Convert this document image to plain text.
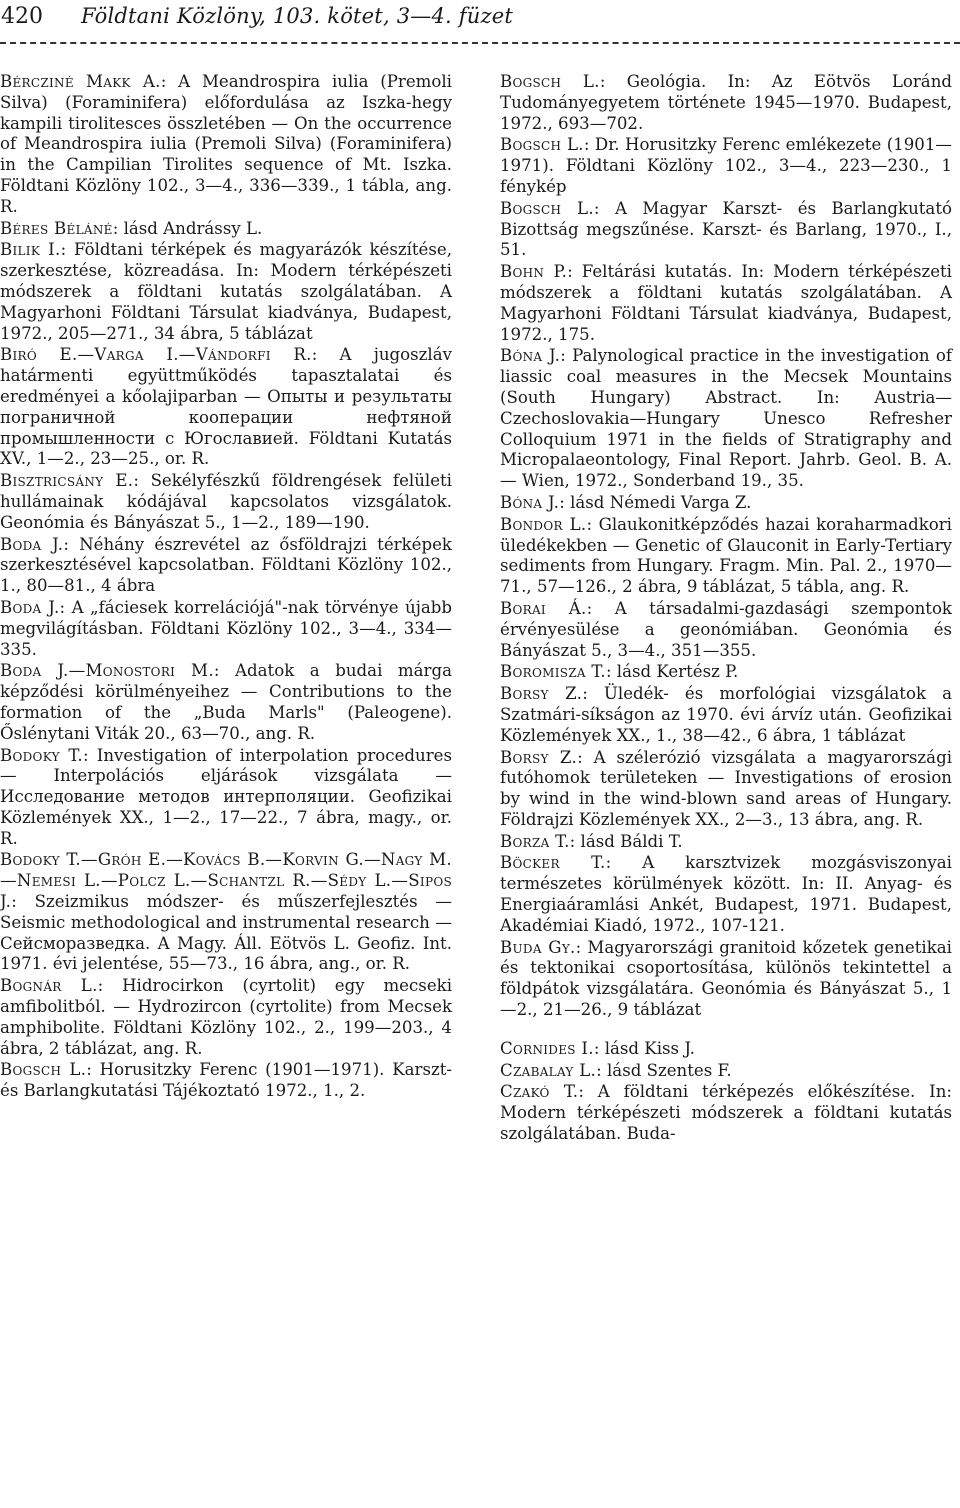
420 Földtani Közlöny, 103. kötet, 3—4. füzet
Bércziné Makk A.: A Meandrospira iulia (Premoli Silva) (Foraminifera) előfordulása az Iszka-hegy kampili tirolitesces összletében — On the occurrence of Meandrospira iulia (Premoli Silva) (Foraminifera) in the Campilian Tirolites sequence of Mt. Iszka. Földtani Közlöny 102., 3—4., 336—339., 1 tábla, ang. R.
Béres Béláné: lásd Andrássy L.
Bilik I.: Földtani térképek és magyarázók készítése, szerkesztése, közreadása. In: Modern térképészeti módszerek a földtani kutatás szolgálatában. A Magyarhoni Földtani Társulat kiadványa, Budapest, 1972., 205—271., 34 ábra, 5 táblázat
Biró E.—Varga I.—Vándorfi R.: A jugoszláv határmenti együttműködés tapasztalatai és eredményei a kőolajiparban — Опыты и результаты пограничной кооперации нефтяной промышленности с Югославией. Földtani Kutatás XV., 1—2., 23—25., or. R.
Bisztricsány E.: Sekélyfészkű földrengések felületi hullámainak kódájával kapcsolatos vizsgálatok. Geonómia és Bányászat 5., 1—2., 189—190.
Boda J.: Néhány észrevétel az ősföldrajzi térképek szerkesztésével kapcsolatban. Földtani Közlöny 102., 1., 80—81., 4 ábra
Boda J.: A „fáciesek korrelációjá"-nak törvénye újabb megvilágításban. Földtani Közlöny 102., 3—4., 334—335.
Boda J.—Monostori M.: Adatok a budai márga képződési körülményeihez — Contributions to the formation of the „Buda Marls" (Paleogene). Őslénytani Viták 20., 63—70., ang. R.
Bodoky T.: Investigation of interpolation procedures — Interpolációs eljárások vizsgálata — Исследование методов интерполяции. Geofizikai Közlemények XX., 1—2., 17—22., 7 ábra, magy., or. R.
Bodoky T.—Gróh E.—Kovács B.—Korvin G.—Nagy M.—Nemesi L.—Polcz L.—Schantzl R.—Sédy L.—Sipos J.: Szeizmikus módszer- és műszerfejlesztés — Seismic methodological and instrumental research — Сейсморазведка. A Magy. Áll. Eötvös L. Geofiz. Int. 1971. évi jelentése, 55—73., 16 ábra, ang., or. R.
Bognár L.: Hidrocirkon (cyrtolit) egy mecseki amfibolitból. — Hydrozircon (cyrtolite) from Mecsek amphibolite. Földtani Közlöny 102., 2., 199—203., 4 ábra, 2 táblázat, ang. R.
Bogsch L.: Horusitzky Ferenc (1901—1971). Karszt- és Barlangkutatási Tájékoztató 1972., 1., 2.
Bogsch L.: Geológia. In: Az Eötvös Loránd Tudományegyetem története 1945—1970. Budapest, 1972., 693—702.
Bogsch L.: Dr. Horusitzky Ferenc emlékezete (1901—1971). Földtani Közlöny 102., 3—4., 223—230., 1 fénykép
Bogsch L.: A Magyar Karszt- és Barlangkutató Bizottság megszűnése. Karszt- és Barlang, 1970., I., 51.
Bohn P.: Feltárási kutatás. In: Modern térképészeti módszerek a földtani kutatás szolgálatában. A Magyarhoni Földtani Társulat kiadványa, Budapest, 1972., 175.
Bóna J.: Palynological practice in the investigation of liassic coal measures in the Mecsek Mountains (South Hungary) Abstract. In: Austria—Czechoslovakia—Hungary Unesco Refresher Colloquium 1971 in the fields of Stratigraphy and Micropalaeontology, Final Report. Jahrb. Geol. B. A. — Wien, 1972., Sonderband 19., 35.
Bóna J.: lásd Némedi Varga Z.
Bondor L.: Glaukonitképződés hazai koraharmadkori üledékekben — Genetic of Glauconit in Early-Tertiary sediments from Hungary. Fragm. Min. Pal. 2., 1970—71., 57—126., 2 ábra, 9 táblázat, 5 tábla, ang. R.
Borai Á.: A társadalmi-gazdasági szempontok érvényesülése a geonómiában. Geonómia és Bányászat 5., 3—4., 351—355.
Boromisza T.: lásd Kertész P.
Borsy Z.: Üledék- és morfológiai vizsgálatok a Szatmári-síkságon az 1970. évi árvíz után. Geofizikai Közlemények XX., 1., 38—42., 6 ábra, 1 táblázat
Borsy Z.: A szélerózió vizsgálata a magyarországi futóhomok területeken — Investigations of erosion by wind in the wind-blown sand areas of Hungary. Földrajzi Közlemények XX., 2—3., 13 ábra, ang. R.
Borza T.: lásd Báldi T.
Böcker T.: A karsztvizek mozgásviszonyai természetes körülmények között. In: II. Anyag- és Energiaáramlási Ankét, Budapest, 1971. Budapest, Akadémiai Kiadó, 1972., 107-121.
Buda Gy.: Magyarországi granitoid kőzetek genetikai és tektonikai csoportosítása, különös tekintettel a földpátok vizsgálatára. Geonómia és Bányászat 5., 1—2., 21—26., 9 táblázat
Cornides I.: lásd Kiss J.
Czabalay L.: lásd Szentes F.
Czakó T.: A földtani térképezés előkészítése. In: Modern térképészeti módszerek a földtani kutatás szolgálatában. Buda-
